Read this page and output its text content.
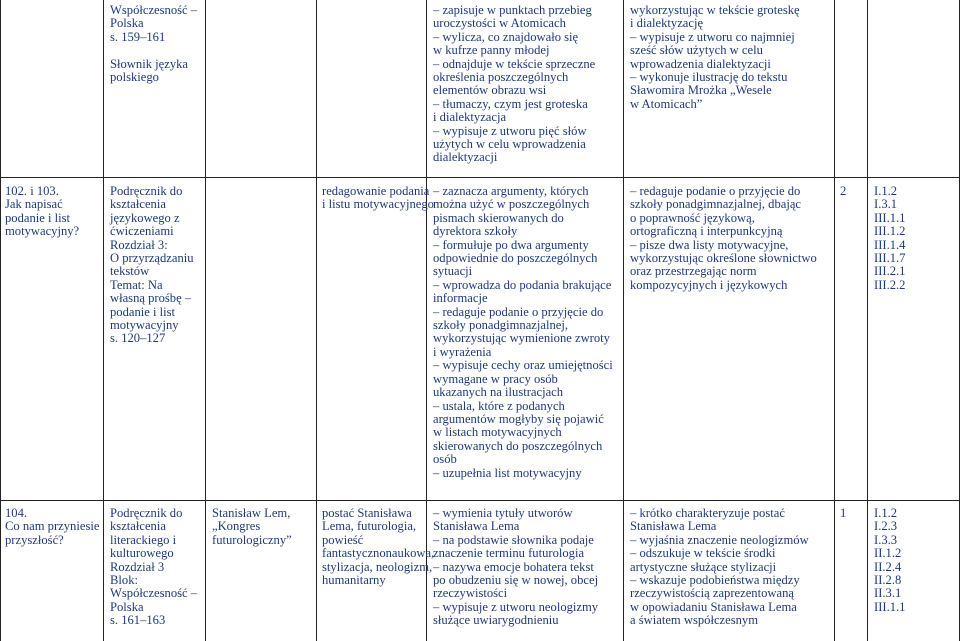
Współczesność –
Polska
s. 159–161

Słownik języka
polskiego
– zapisuje w punktach przebieg
uroczystości w Atomicach
– wylicza, co znajdowało się
w kufrze panny młodej
– odnajduje w tekście sprzeczne
określenia poszczególnych
elementów obrazu wsi
– tłumaczy, czym jest groteska
i dialektyzacja
– wypisuje z utworu pięć słów
użytych w celu wprowadzenia
dialektyzacji
wykorzystując w tekście groteskę
i dialektyzację
– wypisuje z utworu co najmniej
sześć słów użytych w celu
wprowadzenia dialektyzacji
– wykonuje ilustrację do tekstu
Sławomira Mrożka „Wesele
w Atomicach”
102. i 103.
Jak napisać
podanie i list
motywacyjny?
Podręcznik do
kształcenia
językowego z
ćwiczeniami
Rozdział 3:
O przyrządzaniu
tekstów
Temat: Na
własną prośbę –
podanie i list
motywacyjny
s. 120–127
redagowanie podania
i listu motywacyjnego
– zaznacza argumenty, których
można użyć w poszczególnych
pismach skierowanych do
dyrektora szkoły
– formułuje po dwa argumenty
odpowiednie do poszczególnych
sytuacji
– wprowadza do podania brakujące
informacje
– redaguje podanie o przyjęcie do
szkoły ponadgimnazjalnej,
wykorzystując wymienione zwroty
i wyrażenia
– wypisuje cechy oraz umiejętności
wymagane w pracy osób
ukazanych na ilustracjach
– ustala, które z podanych
argumentów mogłyby się pojawić
w listach motywacyjnych
skierowanych do poszczególnych
osób
– uzupełnia list motywacyjny
– redaguje podanie o przyjęcie do
szkoły ponadgimnazjalnej, dbając
o poprawność językową,
ortograficzną i interpunkcyjną
– pisze dwa listy motywacyjne,
wykorzystując określone słownictwo
oraz przestrzegając norm
kompozycyjnych i językowych
2 I.1.2
I.3.1
III.1.1
III.1.2
III.1.4
III.1.7
III.2.1
III.2.2
104.
Co nam przyniesie
przyszłość?
Podręcznik do
kształcenia
literackiego i
kulturowego
Rozdział 3
Blok:
Współczesność –
Polska
s. 161–163
Stanisław Lem,
„Kongres
futurologiczny”
postać Stanisława
Lema, futurologia,
powieść
fantastycznonaukowa,
stylizacja, neologizm,
humanitarny
– wymienia tytuły utworów
Stanisława Lema
– na podstawie słownika podaje
znaczenie terminu futurologia
– nazywa emocje bohatera tekst
po obudzeniu się w nowej, obcej
rzeczywistości
– wypisuje z utworu neologizmy
służące uwiarygodnieniu
– krótko charakteryzuje postać
Stanisława Lema
– wyjaśnia znaczenie neologizmów
– odszukuje w tekście środki
artystyczne służące stylizacji
– wskazuje podobieństwa między
rzeczywistością zaprezentowaną
w opowiadaniu Stanisława Lema
a światem współczesnym
1 I.1.2
I.2.3
I.3.3
II.1.2
II.2.4
II.2.8
II.3.1
III.1.1
